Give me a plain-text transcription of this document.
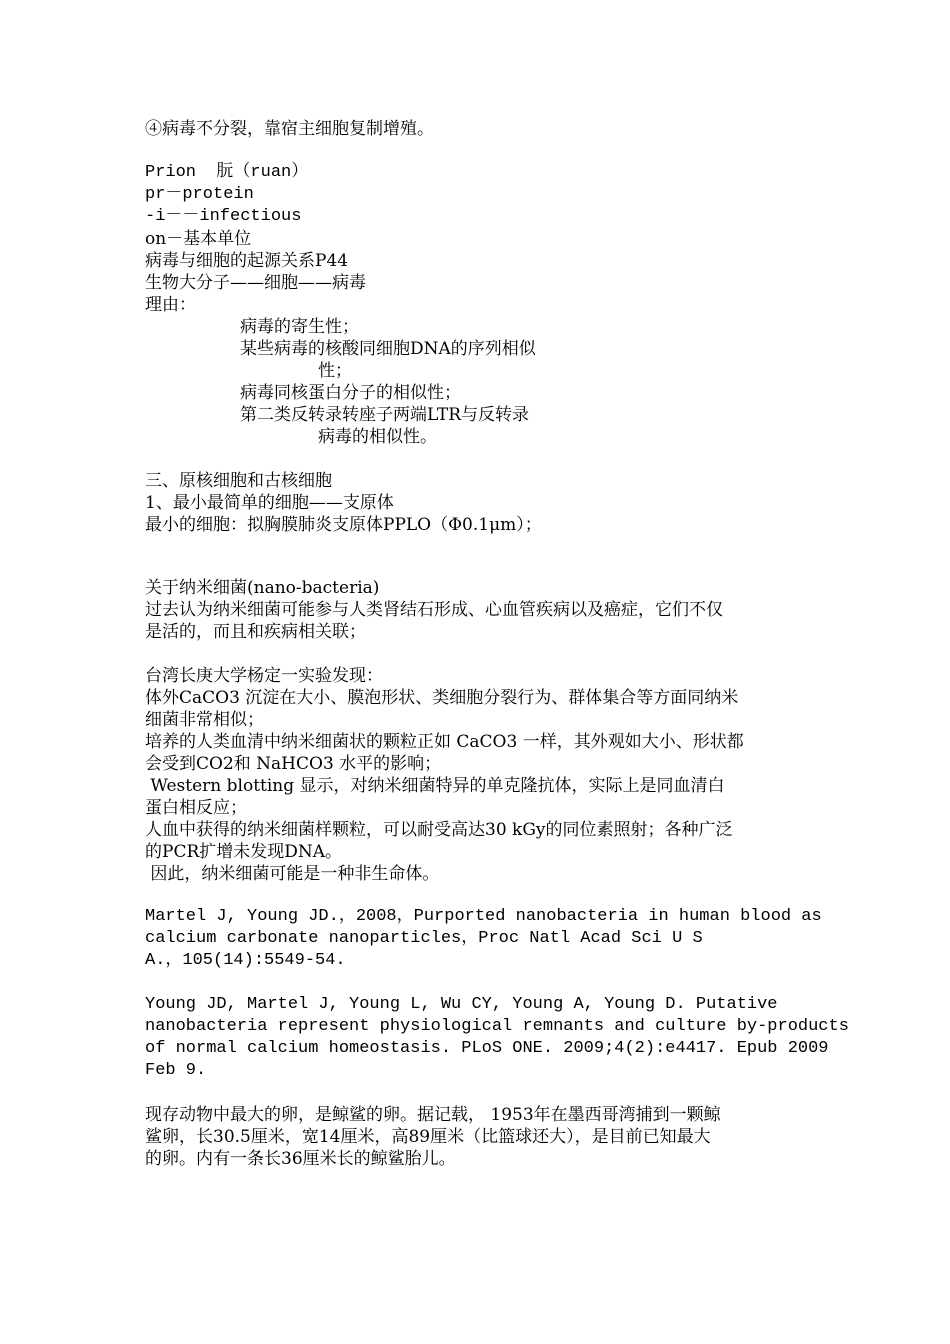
④病毒不分裂，靠宿主细胞复制增殖。

Prion  朊（ruan）

pr－protein

-i－－infectious

on－基本单位

病毒与细胞的起源关系P44

生物大分子——细胞——病毒

理由：

病毒的寄生性；

某些病毒的核酸同细胞DNA的序列相似

性；

病毒同核蛋白分子的相似性；

第二类反转录转座子两端LTR与反转录

病毒的相似性。

三、原核细胞和古核细胞

1、最小最简单的细胞——支原体

最小的细胞：拟胸膜肺炎支原体PPLO（Φ0.1μm）；

关于纳米细菌(nano-bacteria)

过去认为纳米细菌可能参与人类肾结石形成、心血管疾病以及癌症，它们不仅

是活的，而且和疾病相关联；

台湾长庚大学杨定一实验发现：

体外CaCO3 沉淀在大小、膜泡形状、类细胞分裂行为、群体集合等方面同纳米

细菌非常相似；

培养的人类血清中纳米细菌状的颗粒正如 CaCO3 一样，其外观如大小、形状都

会受到CO2和 NaHCO3 水平的影响；

Western blotting 显示，对纳米细菌特异的单克隆抗体，实际上是同血清白

蛋白相反应；

人血中获得的纳米细菌样颗粒，可以耐受高达30 kGy的同位素照射；各种广泛

的PCR扩增未发现DNA。

因此，纳米细菌可能是一种非生命体。

Martel J, Young JD.，2008，Purported nanobacteria in human blood as

calcium carbonate nanoparticles，Proc Natl Acad Sci U S

A.，105(14):5549-54.

Young JD, Martel J, Young L, Wu CY, Young A, Young D. Putative

nanobacteria represent physiological remnants and culture by-products

of normal calcium homeostasis. PLoS ONE. 2009;4(2):e4417. Epub 2009

Feb 9.

现存动物中最大的卵，是鲸鲨的卵。据记载， 1953年在墨西哥湾捕到一颗鲸

鲨卵，长30.5厘米，宽14厘米，高89厘米（比篮球还大），是目前已知最大

的卵。内有一条长36厘米长的鲸鲨胎儿。
